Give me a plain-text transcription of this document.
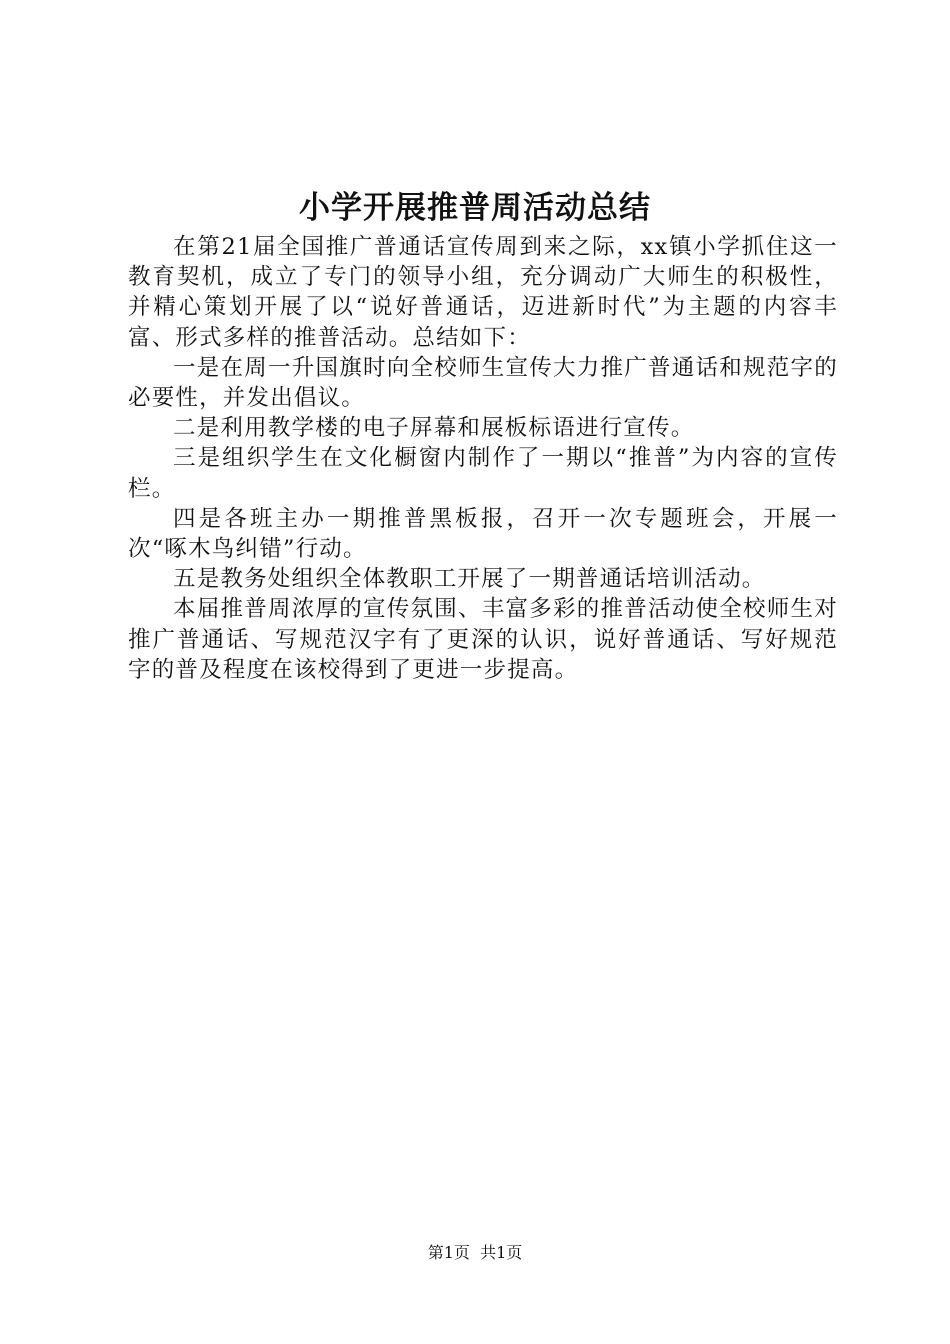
小学开展推普周活动总结

在第21届全国推广普通话宣传周到来之际，xx镇小学抓住这一教育契机，成立了专门的领导小组，充分调动广大师生的积极性，并精心策划开展了以“说好普通话，迈进新时代”为主题的内容丰富、形式多样的推普活动。总结如下：

一是在周一升国旗时向全校师生宣传大力推广普通话和规范字的必要性，并发出倡议。

二是利用教学楼的电子屏幕和展板标语进行宣传。

三是组织学生在文化橱窗内制作了一期以“推普”为内容的宣传栏。

四是各班主办一期推普黑板报，召开一次专题班会，开展一次“啄木鸟纠错”行动。

五是教务处组织全体教职工开展了一期普通话培训活动。

本届推普周浓厚的宣传氛围、丰富多彩的推普活动使全校师生对推广普通话、写规范汉字有了更深的认识，说好普通话、写好规范字的普及程度在该校得到了更进一步提高。

第1页 共1页
